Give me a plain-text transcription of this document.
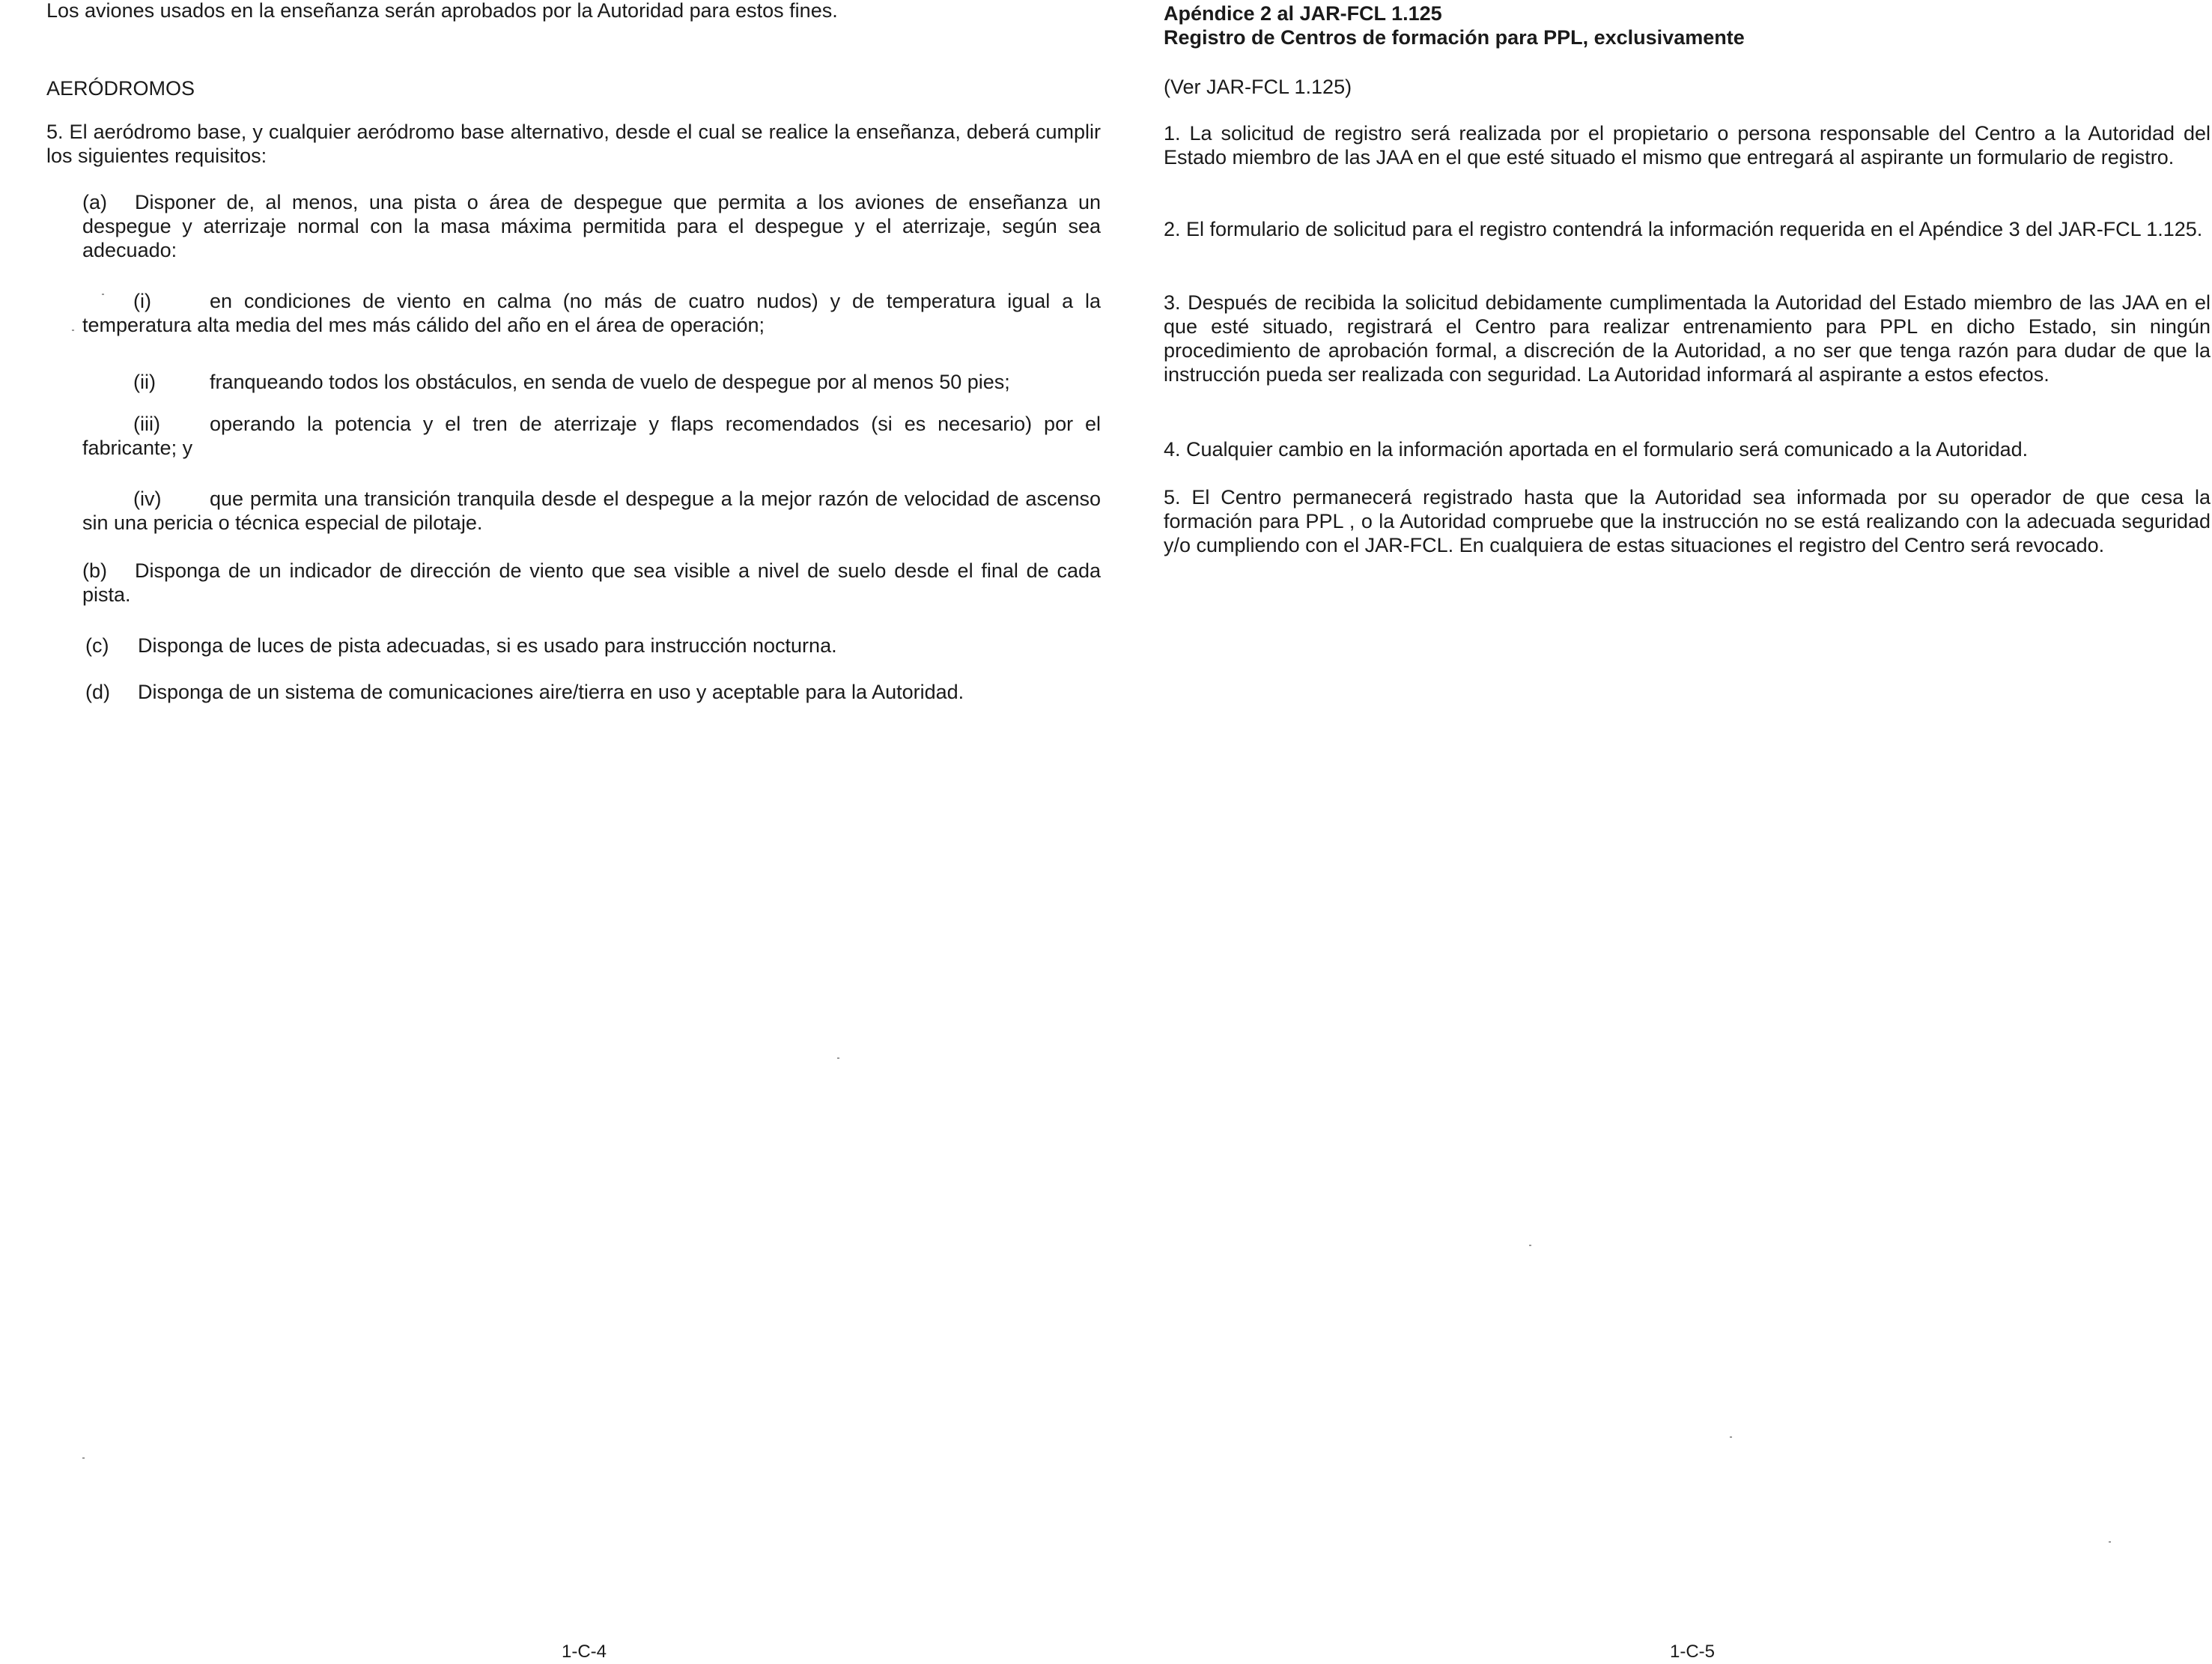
Los aviones usados en la enseñanza serán aprobados por la Autoridad para estos fines.

AERÓDROMOS

5. El aeródromo base, y cualquier aeródromo base alternativo, desde el cual se realice la enseñanza, deberá cumplir los siguientes requisitos:

(a) Disponer de, al menos, una pista o área de despegue que permita a los aviones de enseñanza un despegue y aterrizaje normal con la masa máxima permitida para el despegue y el aterrizaje, según sea adecuado:

(i)	en condiciones de viento en calma (no más de cuatro nudos) y de temperatura igual a la temperatura alta media del mes más cálido del año en el área de operación;

(ii)	franqueando todos los obstáculos, en senda de vuelo de despegue por al menos 50 pies;

(iii) operando la potencia y el tren de aterrizaje y flaps recomendados (si es necesario) por el fabricante; y

(iv) que permita una transición tranquila desde el despegue a la mejor razón de velocidad de ascenso sin una pericia o técnica especial de pilotaje.

(b) Disponga de un indicador de dirección de viento que sea visible a nivel de suelo desde el final de cada pista.

(c) Disponga de luces de pista adecuadas, si es usado para instrucción nocturna.

(d) Disponga de un sistema de comunicaciones aire/tierra en uso y aceptable para la Autoridad.

1-C-4

Apéndice 2 al JAR-FCL 1.125

Registro de Centros de formación para PPL, exclusivamente

(Ver JAR-FCL 1.125)

1. La solicitud de registro será realizada por el propietario o persona responsable del Centro a la Autoridad del Estado miembro de las JAA en el que esté situado el mismo que entregará al aspirante un formulario de registro.

2. El formulario de solicitud para el registro contendrá la información requerida en el Apéndice 3 del JAR-FCL 1.125.

3. Después de recibida la solicitud debidamente cumplimentada la Autoridad del Estado miembro de las JAA en el que esté situado, registrará el Centro para realizar entrenamiento para PPL en dicho Estado, sin ningún procedimiento de aprobación formal, a discreción de la Autoridad, a no ser que tenga razón para dudar de que la instrucción pueda ser realizada con seguridad. La Autoridad informará al aspirante a estos efectos.

4. Cualquier cambio en la información aportada en el formulario será comunicado a la Autoridad.

5. El Centro permanecerá registrado hasta que la Autoridad sea informada por su operador de que cesa la formación para PPL , o la Autoridad compruebe que la instrucción no se está realizando con la adecuada seguridad y/o cumpliendo con el JAR-FCL. En cualquiera de estas situaciones el registro del Centro será revocado.

1-C-5
